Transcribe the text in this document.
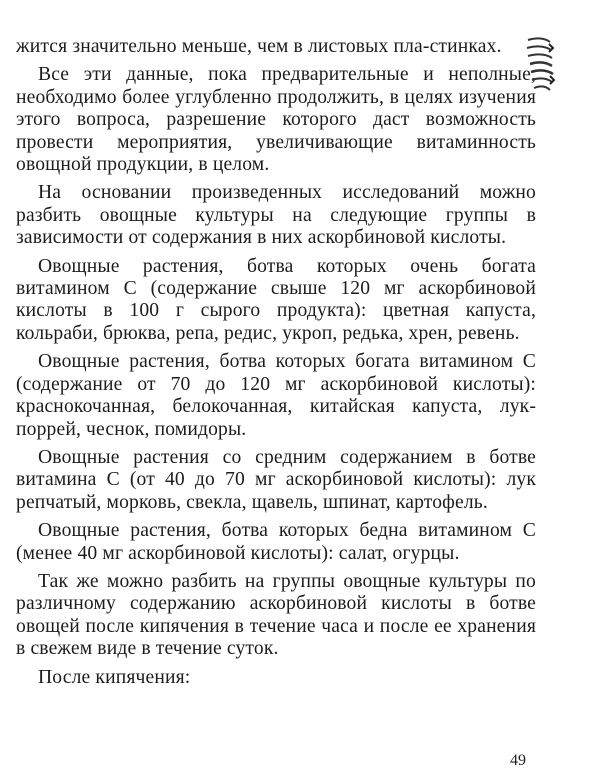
жится значительно меньше, чем в листовых пла-стинках.

Все эти данные, пока предварительные и неполные, необходимо более углубленно продолжить, в целях изучения этого вопроса, разрешение которого даст возможность провести мероприятия, увеличивающие витаминность овощной продукции, в целом.

На основании произведенных исследований можно разбить овощные культуры на следующие группы в зависимости от содержания в них аскорбиновой кислоты.

Овощные растения, ботва которых очень богата витамином С (содержание свыше 120 мг аскорбиновой кислоты в 100 г сырого продукта): цветная капуста, кольраби, брюква, репа, редис, укроп, редька, хрен, ревень.

Овощные растения, ботва которых богата витамином С (содержание от 70 до 120 мг аскорбиновой кислоты): краснокочанная, белокочанная, китайская капуста, лук-поррей, чеснок, помидоры.

Овощные растения со средним содержанием в ботве витамина С (от 40 до 70 мг аскорбиновой кислоты): лук репчатый, морковь, свекла, щавель, шпинат, картофель.

Овощные растения, ботва которых бедна витамином С (менее 40 мг аскорбиновой кислоты): салат, огурцы.

Так же можно разбить на группы овощные культуры по различному содержанию аскорбиновой кислоты в ботве овощей после кипячения в течение часа и после ее хранения в свежем виде в течение суток.

После кипячения:

49
